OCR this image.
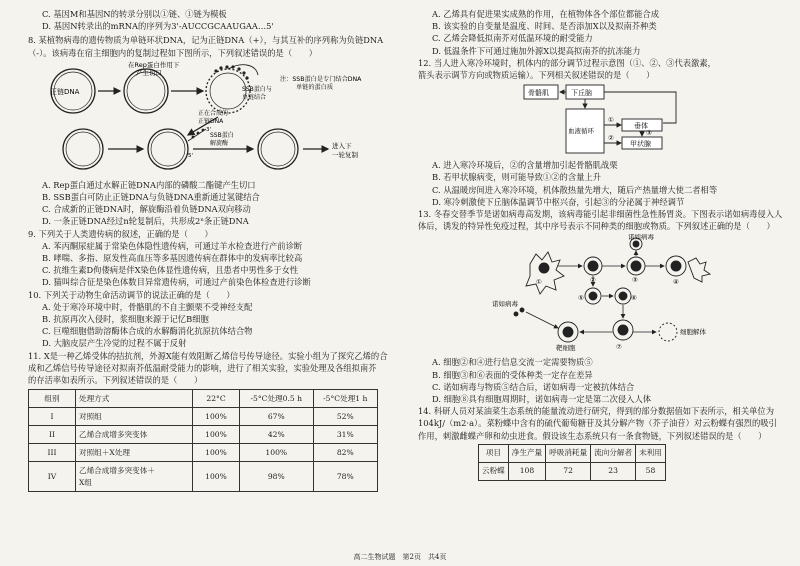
C. 基因M和基因N的转录分别以①链、①链为模板
D. 基因N转录出的mRNA的序列为3'-AUCCGCAAUGAA…5'
8. 某植物病毒的遗传物质为单链环状DNA，记为正链DNA（+），与其互补的序列称为负链DNA
（-）。该病毒在宿主细胞内的复制过程如下图所示，下列叙述错误的是（　　）
正链DNA
在Rep蛋白作用下
产生切口
SSB蛋白与
单链结合
注：SSB蛋白是专门结合DNA
单链的蛋白质
正在合成的
正链DNA
SSB蛋白
解旋酶
3'
5'
进入下
一轮复制
A. Rep蛋白通过水解正链DNA内部的磷酸二酯键产生切口
B. SSB蛋白可防止正链DNA与负链DNA重新通过氢键结合
C. 合成新的正链DNA时，解旋酶沿着负链DNA双向移动
D. 一条正链DNA经过n轮复制后，共形成2ⁿ条正链DNA
9. 下列关于人类遗传病的叙述，正确的是（　　）
A. 苯丙酮尿症属于常染色体隐性遗传病，可通过羊水检查进行产前诊断
B. 哮喘、多指、原发性高血压等多基因遗传病在群体中的发病率比较高
C. 抗维生素D佝偻病是伴X染色体显性遗传病，且患者中男性多于女性
D. 猫叫综合征是染色体数目异常遗传病，可通过产前染色体检查进行诊断
10. 下列关于动物生命活动调节的说法正确的是（　　）
A. 处于寒冷环境中时，骨骼肌的不自主颤栗不受神经支配
B. 抗原再次入侵时，浆细胞来源于记忆B细胞
C. 巨噬细胞借助溶酶体合成的水解酶消化抗原抗体结合物
D. 大脑皮层产生冷觉的过程不属于反射
11. X是一种乙烯受体的拮抗剂，外源X能有效阻断乙烯信号传导途径。实验小组为了探究乙烯的合
成和乙烯信号传导途径对拟南芥低温耐受能力的影响，进行了相关实验，实验处理及各组拟南芥
的存活率如表所示。下列叙述错误的是（　　）
组别	处理方式	22°C	-5°C处理0.5 h	-5°C处理1 h
I	对照组	100%	67%	52%
II	乙烯合成增多突变体	100%	42%	31%
III	对照组＋X处理	100%	100%	82%
IV	乙烯合成增多突变体＋
X组	100%	98%	78%
A. 乙烯具有促进果实成熟的作用，在植物体各个部位都能合成
B. 该实验的自变量是温度、时间、是否添加X以及拟南芥种类
C. 乙烯会降低拟南芥对低温环境的耐受能力
D. 低温条件下可通过施加外源X以提高拟南芥的抗冻能力
12. 当人进入寒冷环境时，机体内的部分调节过程示意图（①、②、③代表激素，
箭头表示调节方向或物质运输）。下列相关叙述错误的是（　　）
骨骼肌	下丘脑
血液循环
垂体
甲状腺
①
②
③
A. 进入寒冷环境后，②的含量增加引起骨骼肌战栗
B. 若甲状腺病变，则可能导致①②的含量上升
C. 从温暖房间进入寒冷环境，机体散热量先增大，随后产热量增大使二者相等
D. 寒冷刺激使下丘脑体温调节中枢兴奋，引起③的分泌属于神经调节
13. 冬春交替季节是诺如病毒高发期，该病毒能引起非细菌性急性肠胃炎。下图表示诺如病毒侵入人
体后，诱发的特异性免疫过程，其中序号表示不同种类的细胞或物质。下列叙述正确的是（　　）
诺如病毒
诺如病毒
靶细胞
细胞解体
①	②	③	④
⑤	⑥
⑦
A. 细胞②和④进行信息交流一定需要物质⑤
B. 细胞③和⑥表面的受体种类一定存在差异
C. 诺如病毒与物质⑤结合后，诺如病毒一定被抗体结合
D. 细胞⑧具有细胞周期时，诺如病毒一定是第二次侵入人体
14. 科研人员对某油菜生态系统的能量流动进行研究，得到的部分数据值如下表所示，相关单位为
104kJ/（m2·a）。菜粉蝶中含有的硫代葡萄糖苷及其分解产物（芥子油苷）对云粉蝶有强烈的吸引
作用，刺激雌蝶产卵和幼虫进食。假设该生态系统只有一条食物链，下列叙述错误的是（　　）
项目	净生产量	呼吸消耗量	流向分解者	未利用
云粉蝶	108	72	23	58
高二生物试题　第2页　共4页
